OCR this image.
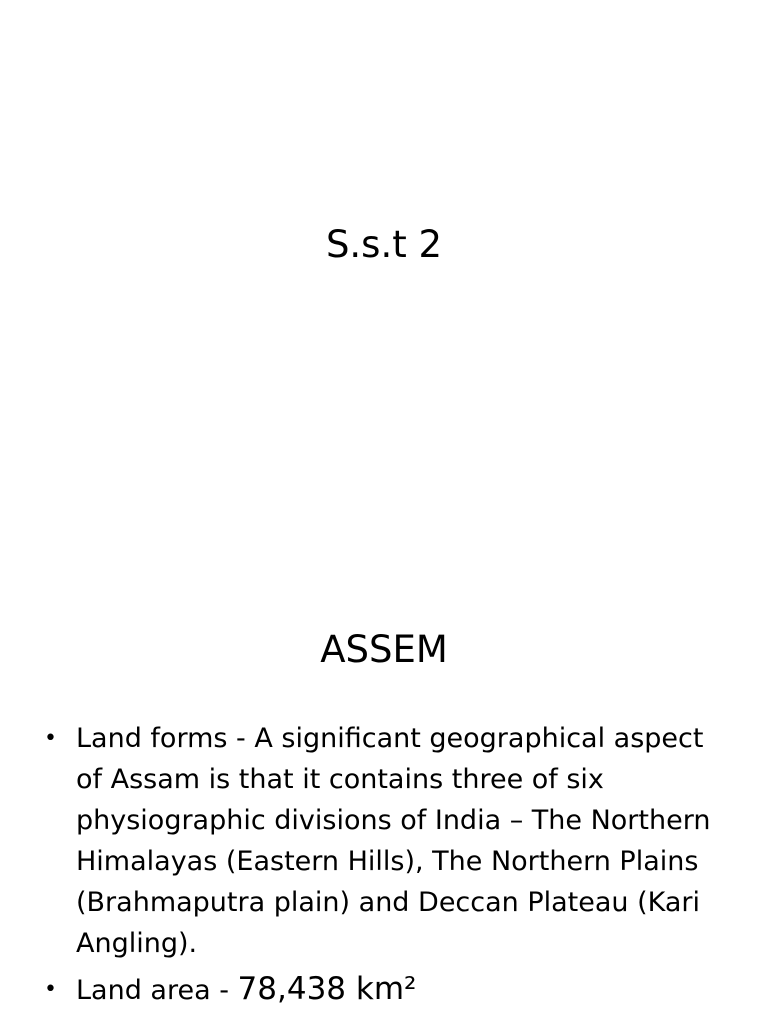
S.s.t 2
ASSEM
• Land forms - A significant geographical aspect of Assam is that it contains three of six physiographic divisions of India – The Northern Himalayas (Eastern Hills), The Northern Plains (Brahmaputra plain) and Deccan Plateau (Kari Angling).
• Land area - 78,438 km²
